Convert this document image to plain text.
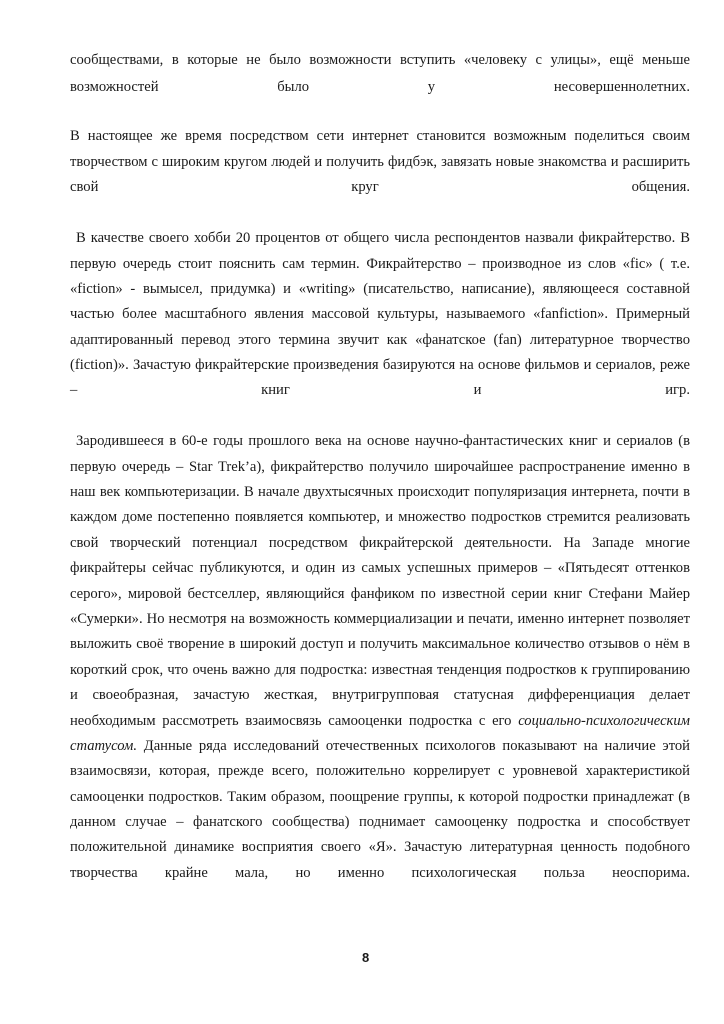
сообществами, в которые не было возможности вступить «человеку с улицы», ещё меньше
возможностей было у несовершеннолетних.
В настоящее же время посредством сети интернет становится возможным поделиться своим
творчеством с широким кругом людей и получить фидбэк, завязать новые знакомства и расширить
свой круг общения.
В качестве своего хобби 20 процентов от общего числа респондентов назвали фикрайтерство. В
первую очередь стоит пояснить сам термин. Фикрайтерство – производное из слов «fic» ( т.е.
«fiction» - вымысел, придумка) и «writing» (писательство, написание), являющееся составной
частью более масштабного явления массовой культуры, называемого «fanfiction». Примерный
адаптированный перевод этого термина звучит как «фанатское (fan) литературное творчество
(fiction)». Зачастую фикрайтерские произведения базируются на основе фильмов и сериалов, реже
– книг и игр.
Зародившееся в 60-е годы прошлого века на основе научно-фантастических книг и сериалов (в
первую очередь – Star Trek’a), фикрайтерство получило широчайшее распространение именно в
наш век компьютеризации. В начале двухтысячных происходит популяризация интернета, почти в
каждом доме постепенно появляется компьютер, и множество подростков стремится реализовать
свой творческий потенциал посредством фикрайтерской деятельности. На Западе многие
фикрайтеры сейчас публикуются, и один из самых успешных примеров – «Пятьдесят оттенков
серого», мировой бестселлер, являющийся фанфиком по известной серии книг Стефани Майер
«Сумерки». Но несмотря на возможность коммерциализации и печати, именно интернет позволяет
выложить своё творение в широкий доступ и получить максимальное количество отзывов о нём в
короткий срок, что очень важно для подростка: известная тенденция подростков к группированию
и своеобразная, зачастую жесткая, внутригрупповая статусная дифференциация делает
необходимым рассмотреть взаимосвязь самооценки подростка с его социально-психологическим
статусом. Данные ряда исследований отечественных психологов показывают на наличие этой
взаимосвязи, которая, прежде всего, положительно коррелирует с уровневой характеристикой
самооценки подростков. Таким образом, поощрение группы, к которой подростки принадлежат (в
данном случае – фанатского сообщества) поднимает самооценку подростка и способствует
положительной динамике восприятия своего «Я». Зачастую литературная ценность подобного
творчества крайне мала, но именно психологическая польза неоспорима.
8
